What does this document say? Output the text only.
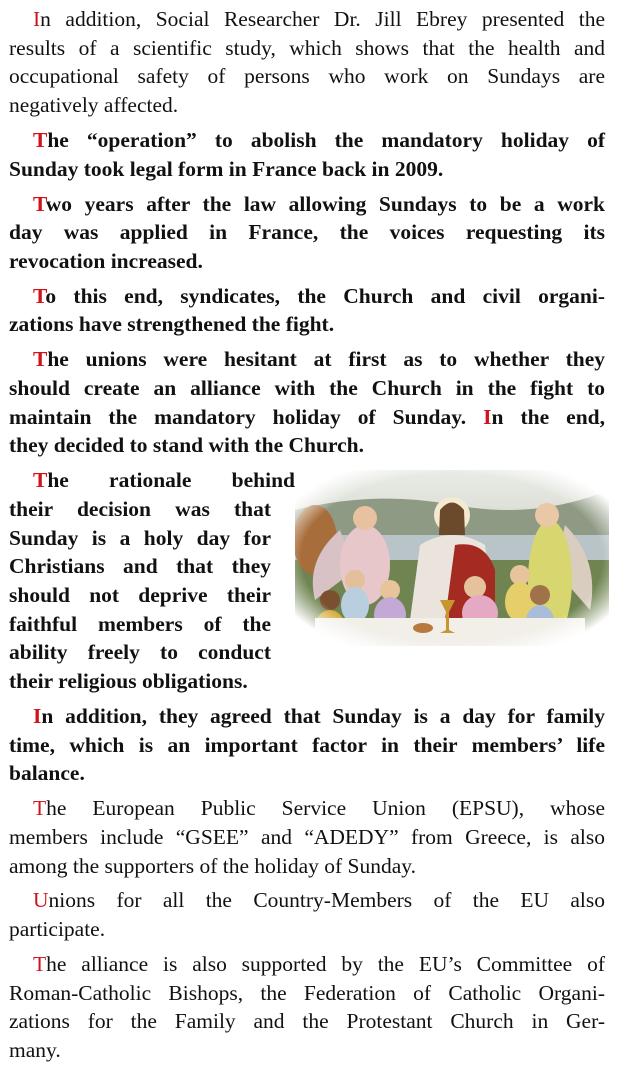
In addition, Social Researcher Dr. Jill Ebrey presented the
results of a scientific study, which shows that the health and
occupational safety of persons who work on Sundays are
negatively affected.
The “operation” to abolish the mandatory holiday of
Sunday took legal form in France back in 2009.
Two years after the law allowing Sundays to be a work
day was applied in France, the voices requesting its
revocation increased.
To this end, syndicates, the Church and civil organi-
zations have strengthened the fight.
The unions were hesitant at first as to whether they
should create an alliance with the Church in the fight to
maintain the mandatory holiday of Sunday. In the end,
they decided to stand with the Church.
The rationale behind
their decision was that
Sunday is a holy day for
Christians and that they
should not deprive their
faithful members of the
ability freely to conduct
their religious obligations.
In addition, they agreed that Sunday is a day for family
time, which is an important factor in their members’ life
balance.
The European Public Service Union (EPSU), whose
members include “GSEE” and “ADEDY” from Greece, is also
among the supporters of the holiday of Sunday.
Unions for all the Country-Members of the EU also
participate.
The alliance is also supported by the EU’s Committee of
Roman-Catholic Bishops, the Federation of Catholic Organi-
zations for the Family and the Protestant Church in Ger-
many.
